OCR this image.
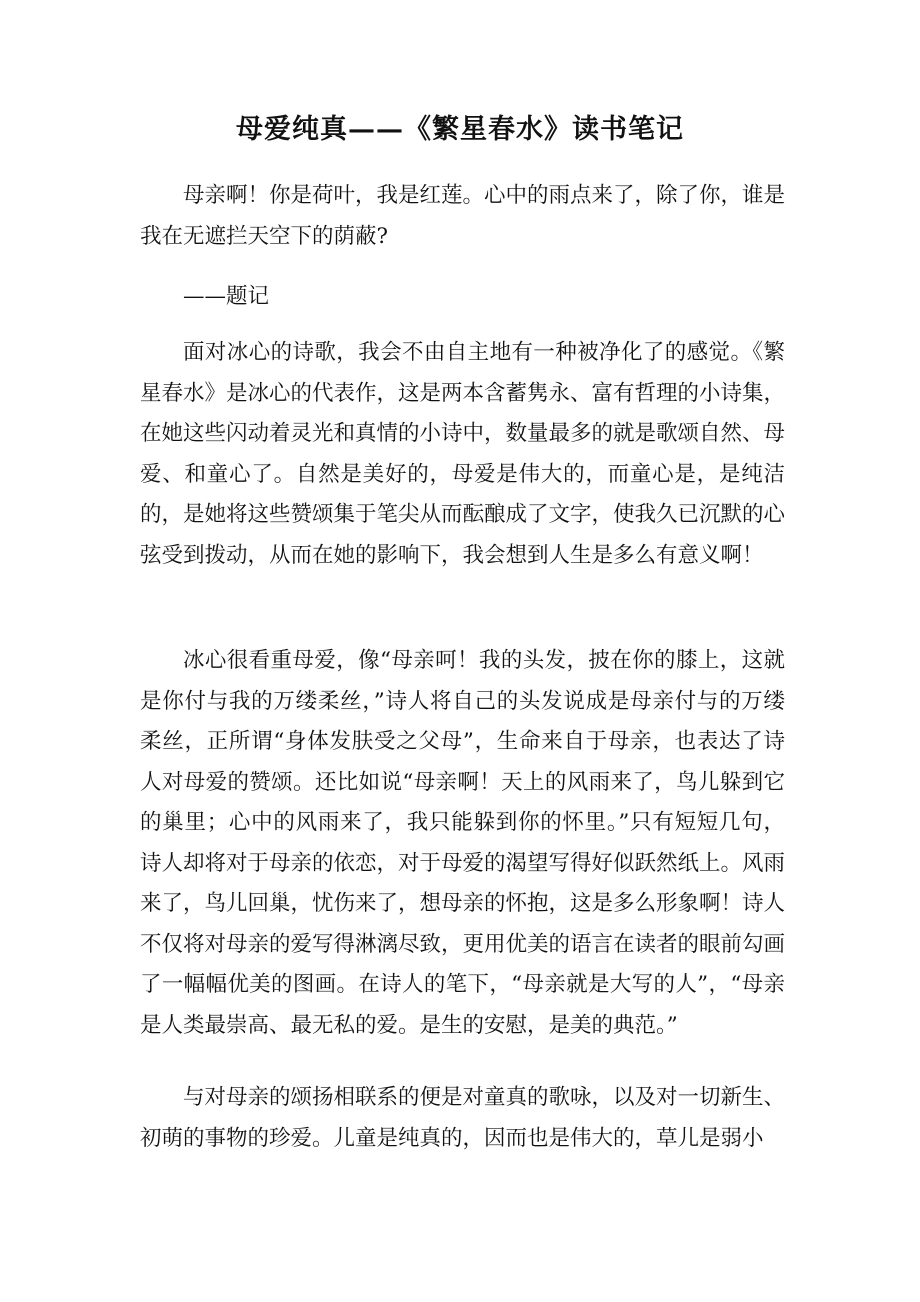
母爱纯真——《繁星春水》读书笔记

母亲啊！你是荷叶，我是红莲。心中的雨点来了，除了你，谁是我在无遮拦天空下的荫蔽?

——题记

面对冰心的诗歌，我会不由自主地有一种被净化了的感觉。《繁星春水》是冰心的代表作，这是两本含蓄隽永、富有哲理的小诗集，在她这些闪动着灵光和真情的小诗中，数量最多的就是歌颂自然、母爱、和童心了。自然是美好的，母爱是伟大的，而童心是，是纯洁的，是她将这些赞颂集于笔尖从而酝酿成了文字，使我久已沉默的心弦受到拨动，从而在她的影响下，我会想到人生是多么有意义啊！

冰心很看重母爱，像“母亲呵！我的头发，披在你的膝上，这就是你付与我的万缕柔丝，”诗人将自己的头发说成是母亲付与的万缕柔丝，正所谓“身体发肤受之父母”，生命来自于母亲，也表达了诗人对母爱的赞颂。还比如说“母亲啊！天上的风雨来了，鸟儿躲到它的巢里；心中的风雨来了，我只能躲到你的怀里。”只有短短几句，诗人却将对于母亲的依恋，对于母爱的渴望写得好似跃然纸上。风雨来了，鸟儿回巢，忧伤来了，想母亲的怀抱，这是多么形象啊！诗人不仅将对母亲的爱写得淋漓尽致，更用优美的语言在读者的眼前勾画了一幅幅优美的图画。在诗人的笔下，“母亲就是大写的人”，“母亲是人类最崇高、最无私的爱。是生的安慰，是美的典范。”

与对母亲的颂扬相联系的便是对童真的歌咏，以及对一切新生、初萌的事物的珍爱。儿童是纯真的，因而也是伟大的，草儿是弱小
